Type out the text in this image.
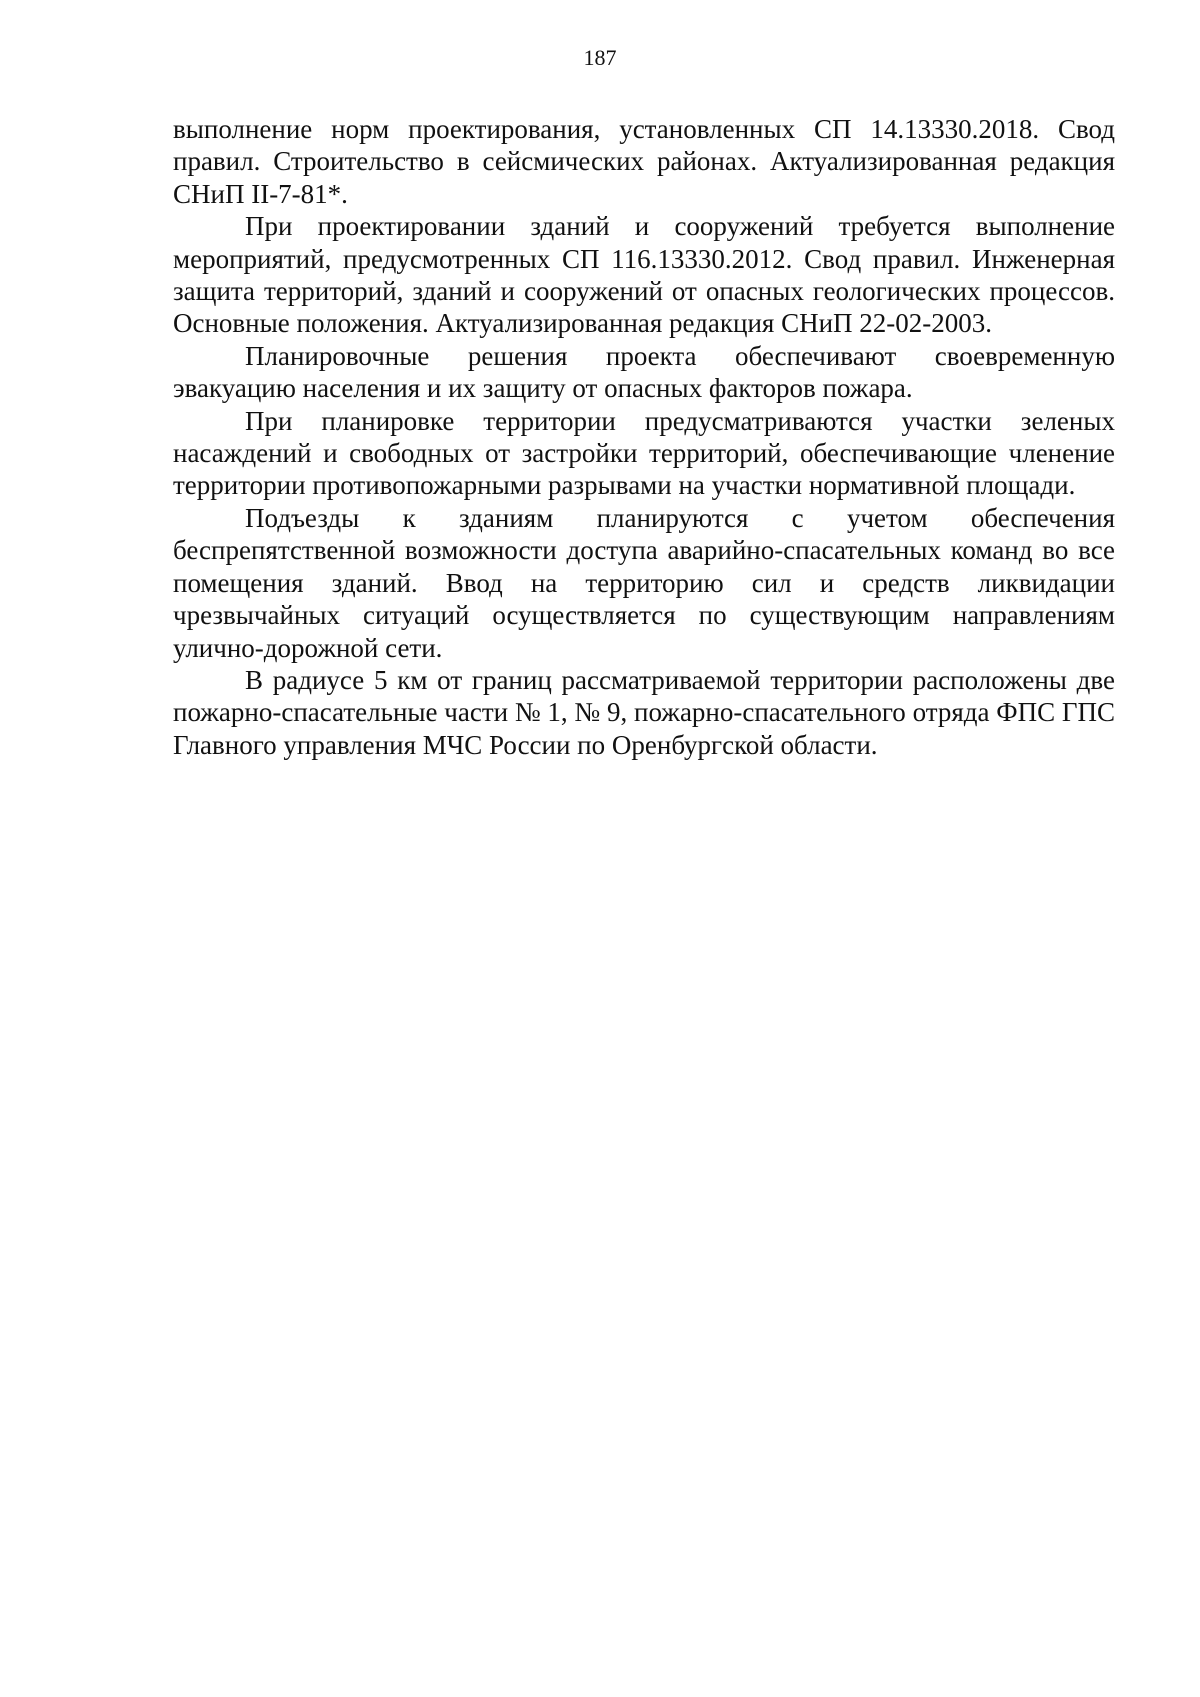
187

выполнение норм проектирования, установленных СП 14.13330.2018. Свод правил. Строительство в сейсмических районах. Актуализированная редакция СНиП II-7-81*.

При проектировании зданий и сооружений требуется выполнение мероприятий, предусмотренных СП 116.13330.2012. Свод правил. Инженерная защита территорий, зданий и сооружений от опасных геологических процессов. Основные положения. Актуализированная редакция СНиП 22-02-2003.

Планировочные решения проекта обеспечивают своевременную эвакуацию населения и их защиту от опасных факторов пожара.

При планировке территории предусматриваются участки зеленых насаждений и свободных от застройки территорий, обеспечивающие членение территории противопожарными разрывами на участки нормативной площади.

Подъезды к зданиям планируются с учетом обеспечения беспрепятственной возможности доступа аварийно-спасательных команд во все помещения зданий. Ввод на территорию сил и средств ликвидации чрезвычайных ситуаций осуществляется по существующим направлениям улично-дорожной сети.

В радиусе 5 км от границ рассматриваемой территории расположены две пожарно-спасательные части № 1, № 9, пожарно-спасательного отряда ФПС ГПС Главного управления МЧС России по Оренбургской области.
